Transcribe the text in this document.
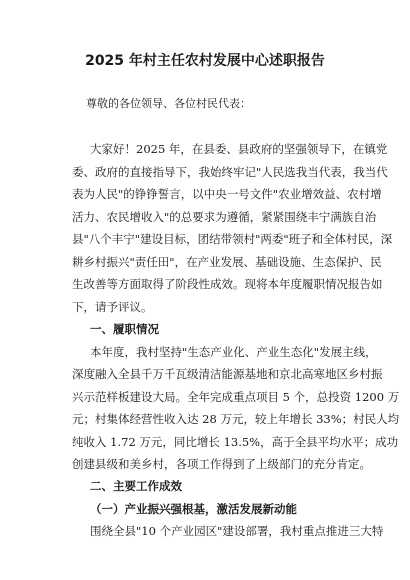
2025 年村主任农村发展中心述职报告

尊敬的各位领导、各位村民代表：

大家好！2025 年，在县委、县政府的坚强领导下，在镇党
委、政府的直接指导下，我始终牢记"人民选我当代表，我当代
表为人民"的铮铮誓言，以中央一号文件"农业增效益、农村增
活力、农民增收入"的总要求为遵循，紧紧围绕丰宁满族自治
县"八个丰宁"建设目标，团结带领村"两委"班子和全体村民，深
耕乡村振兴"责任田"，在产业发展、基础设施、生态保护、民
生改善等方面取得了阶段性成效。现将本年度履职情况报告如
下，请予评议。
一、履职情况
本年度，我村坚持"生态产业化、产业生态化"发展主线，
深度融入全县千万千瓦级清洁能源基地和京北高寒地区乡村振
兴示范样板建设大局。全年完成重点项目 5 个，总投资 1200 万
元；村集体经营性收入达 28 万元，较上年增长 33%；村民人均
纯收入 1.72 万元，同比增长 13.5%，高于全县平均水平；成功
创建县级和美乡村，各项工作得到了上级部门的充分肯定。
二、主要工作成效
（一）产业振兴强根基，激活发展新动能
围绕全县"10 个产业园区"建设部署，我村重点推进三大特
